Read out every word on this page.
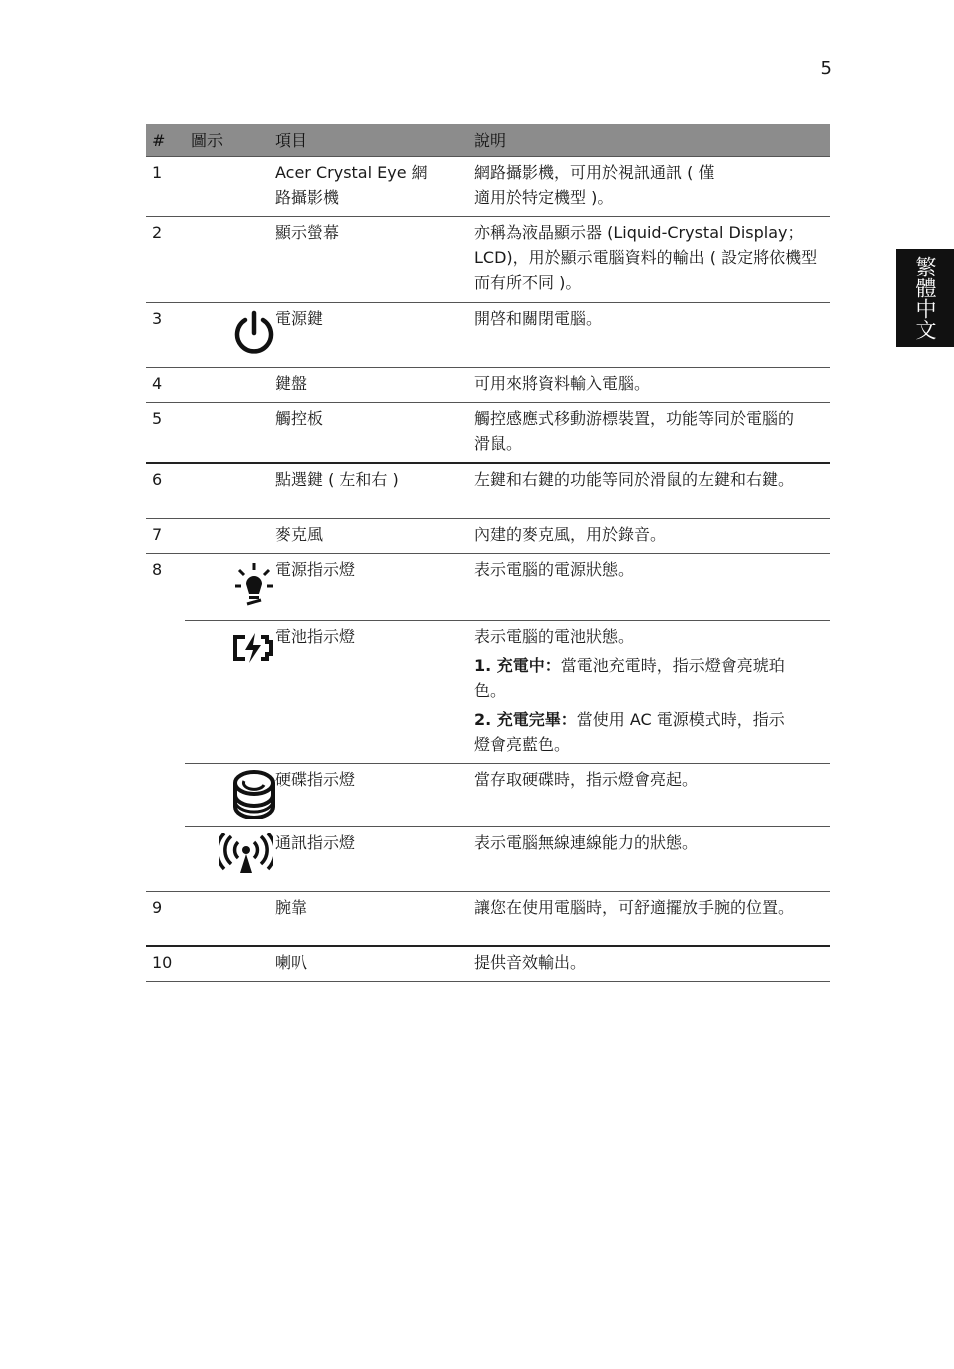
5
繁體中文
#	圖示	項目	說明
1		Acer Crystal Eye 網路攝影機	網路攝影機，可用於視訊通訊 ( 僅適用於特定機型 )。
2		顯示螢幕	亦稱為液晶顯示器 (Liquid-Crystal Display；LCD)，用於顯示電腦資料的輸出 ( 設定將依機型而有所不同 )。
3		電源鍵	開啓和關閉電腦。
4		鍵盤	可用來將資料輸入電腦。
5		觸控板	觸控感應式移動游標裝置，功能等同於電腦的滑鼠。
6		點選鍵 ( 左和右 )	左鍵和右鍵的功能等同於滑鼠的左鍵和右鍵。
7		麥克風	內建的麥克風，用於錄音。
8		電源指示燈	表示電腦的電源狀態。

	電池指示燈	表示電腦的電池狀態。
1. 充電中：當電池充電時，指示燈會亮琥珀色。
2. 充電完畢：當使用 AC 電源模式時，指示燈會亮藍色。

	硬碟指示燈	當存取硬碟時，指示燈會亮起。

	通訊指示燈	表示電腦無線連線能力的狀態。
9		腕靠	讓您在使用電腦時，可舒適擺放手腕的位置。
10		喇叭	提供音效輸出。
